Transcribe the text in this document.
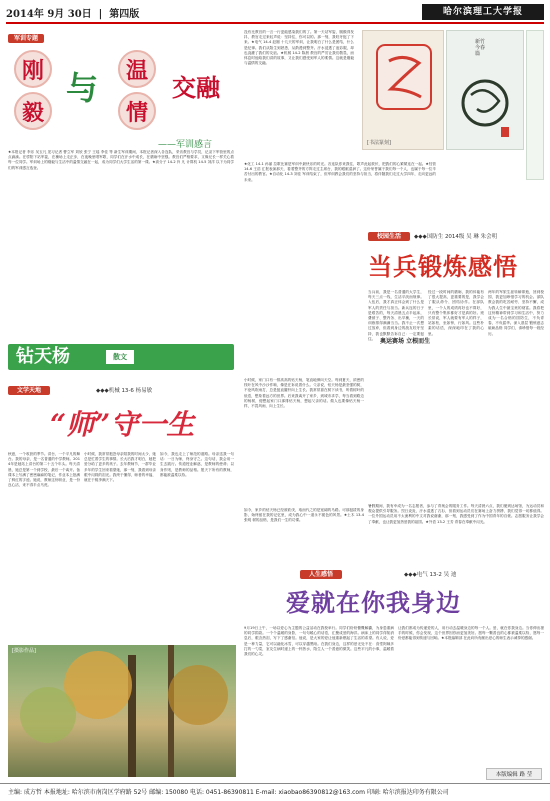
2014年 9月 30日  |  第四版	哈尔滨理工大学报
军训专题
刚
毅
与	温
情
交融
——军训感言
★本报记者 李乐 吴玉凡 见习记者 曹立军 刘欣 张宁 王瑶 李佳 等 新生军训期间，本报记者深入各连队，采访教官与学员，记录下军营里的点点滴滴。在骄阳下站军姿，在操场上走正步，在夜晚里唱军歌，同学们在汗水中成长，在磨砺中坚强。教官们严格要求，又像兄长一样关心着每一位同学。军训场上的刚毅与生活中的温情交融在一起，成为同学们大学生活的第一课。★高分子 14-2 肖 凡 计算机 14-5 刘洋 以下为同学们的军训感言选登。
没有比教官的一言一行更能感染我们的了。第一天站军姿，腿酸得发抖，教官走过来轻声说：坚持住，你可以的。那一刻，我咬牙挺了下来。★电气 14-4 赵刚 十几天的军训，让我明白了什么是团结，什么是纪律。我们从陌生到熟悉，从散漫到整齐。汗水浸透了迷彩服，却也浇灌了我们的友谊。★机械 14-2 陈晨 教官的严厉让我们敬畏，而休息时他给我们讲的故事，又让我们感受到军人的柔情。这就是刚毅与温情的交融。
★化工 14-1 孙丽 拉歌比赛是军训中最快乐的时光。各连队你来我往，歌声此起彼伏，把我们的心紧紧连在一起。★经管 14-6 王浩 汇报表演那天，看着整齐的方阵走过主席台，我的眼眶湿润了。这份荣誉属于我们每一个人，也属于每一位辛苦付出的教官。★自动化 14-3 刘佳 军训结束了，但军训教会我们的坚持与担当，将伴随我们走过大学四年，走向更远的未来。
[书法篆刻]
新竹今春篇
校园生活	◆◆◆国防生 2014级 吴 琳 朱会明
当兵锻炼感悟
当兵前，我是一名普通的大学生，每天三点一线，生活平淡而规律。入伍后，我才真正体会到了什么是军人的责任与担当。新兵连的日子是艰苦的，每天清晨五点半起床，叠被子、整内务、出早操，一天的训练排得满满当当。我不止一次想过放弃，但看到身边的战友咬牙坚持，我也默默告诉自己：一定要挺住。
经过一段时间的磨砺，我的体能有了很大提高，更重要的是，我学会了服从命令、团结协作。在部队里，一个人的成绩再好也不算好，只有整个集体都好才是真的好。班长常说，军人就要有军人的样子，站如松，坐如钟，行如风。这些朴素的话语，深深地印在了我的心里。
两年的军旅生涯转瞬即逝，回到校园，我更加珍惜学习的机会。部队教会我的吃苦耐劳、坚持不懈，成为我人生中最宝贵的财富。我将把这份精神带到学习和生活中，努力成为一名合格的国防生，不负青春，不负韶华。深入基层 锻炼意志 砥砺品格 同学们，请珍惜每一段经历。
钻天杨	散文
小时候，家门口有一排高高的钻天杨，笔直地伸向天空。每到夏天，浓密的枝叶在风中沙沙作响，像是在诉说着什么。父亲说，钻天杨是最坚强的树，不论风吹雨打，总是挺直腰杆向上生长。我常常靠在树下读书，听着树叶的低语，想象着远方的世界。后来我离开了家乡，到城市求学，每当看到路边的杨树，便想起家门口那排钻天杨，想起父亲的话。做人也要像钻天杨一样，不畏风雨，向上生长。
如今，家乡的钻天杨已经被砍伐，取而代之的是宽阔的马路。可那挺拔的身影，始终留在我的记忆里，成为我心中一道永不褪色的风景。★土木 13-4 张明 树的品格，是我们一生的功课。
文学天地	◆◆◆机械 13-6 杨易敏
“师”守一生
秋意，一个收获的季节。讲台，一个平凡的舞台。我的母亲，是一名普通的中学教师。2014年是她站上讲台的第二十五个年头。每天清晨，她总是第一个到学校，最后一个离开。备课本上写满了密密麻麻的笔记，作业本上批满了鲜红的字迹。她说，教师这份职业，是一份良心活，来不得半点马虎。
小时候，我常常抱怨母亲陪我的时间太少，她总是忙着学生的事情。长大后我才明白，她把爱分给了更多的孩子。去年教师节，一群毕业多年的学生回来看望她，那一刻，我看到母亲眼中闪烁的泪光。我终于懂得，师者的幸福，就在于桃李满天下。
如今，我也走上了师范的道路。母亲送我一句话：一日为师，终身守之。这句话，我会用一生去践行。传道授业解惑，是教师的使命；以身作则，是教师的品格。愿天下所有的教师，都能被温柔以待。
[摄影作品]
奥运赛场 立根而生
暑假期间，我有幸成为一名志愿者，参与了青奥会的服务工作。每天清晨六点，我们便到达场馆，为运动员和观众提供引导服务。烈日炎炎，汗水湿透了衣衫，但看到运动员们在赛场上奋力拼搏，我们觉得一切都值得。一位外国运动员用不太流利的中文对我说谢谢，那一刻，我感受到了作为中国青年的自豪。志愿服务让我学会了奉献，也让我更加热爱我的祖国。★外语 13-2 王芳 青春在奉献中闪光。
人生感悟	◆◆◆电气 13-2 吴 迪
爱就在你我身边
9月19日上午，一场以爱心为主题的公益活动在我校举行。同学们纷纷慷慨解囊，为身患重病的同学捐款。一个个温暖的身影，一句句暖心的话语，汇聚成爱的海洋。病床上的同学得知消息后，眼含热泪，写下了感谢信。他说，是大家的爱让他重新燃起了生活的希望。有人说，爱是一种力量，它可以融化冰雪，可以穿越黑暗。在我们身边，这样的爱无处不在：食堂阿姨多打的一勺菜，室友生病时递上的一杯热水，陌生人一个善意的微笑。这些平凡的小事，温暖着我们的心灵。
让我们都成为传递爱的人，用行动去温暖身边的每一个人。爱，就在你我身边。当你伸出援手的时候，你会发现，这个世界因你而更加美好。愿每一颗善良的心都被温柔以待，愿每一份爱都能得到传递与回响。★本报编辑部 在此向所有献出爱心的师生表示诚挚的感谢。
本版编辑 路 莹
主编: 成方哲 本报地址: 哈尔滨市南岗区学府路 52号 邮编: 150080 电话: 0451-86390811 E-mail: xiaobao86390812@163.com 印刷: 哈尔滨报达印务有限公司
